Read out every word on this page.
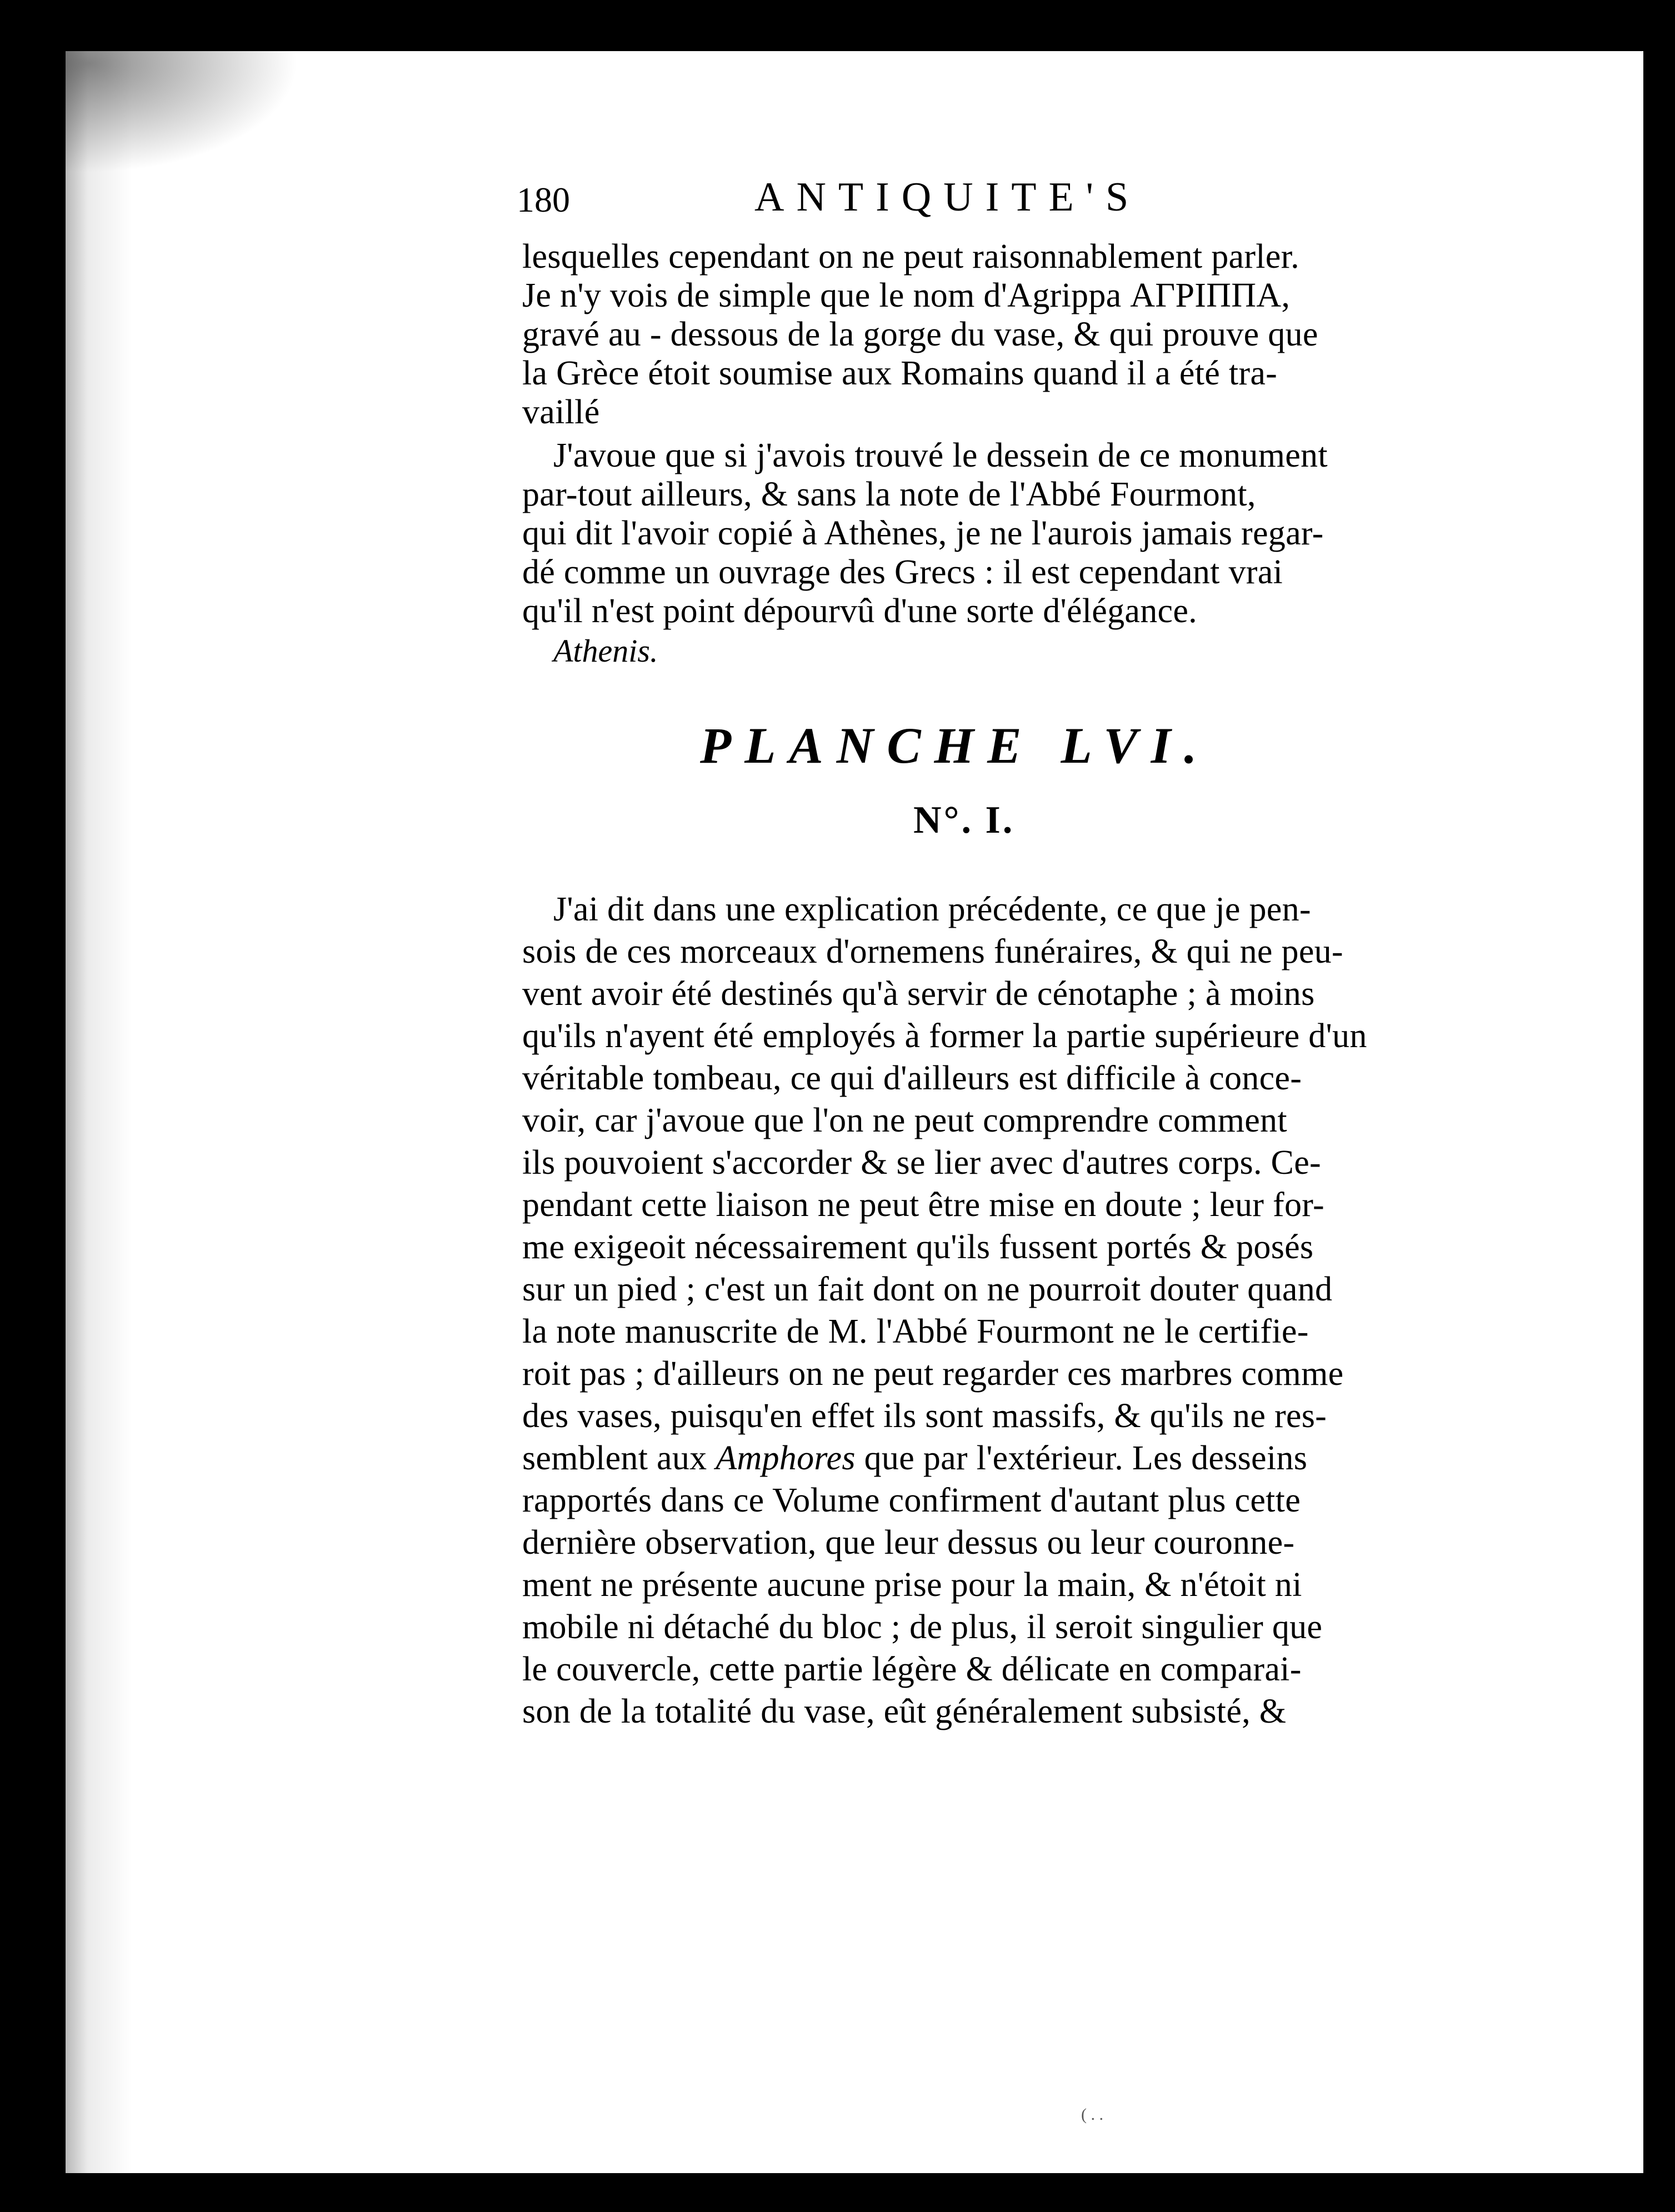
180	ANTIQUITE'S
lesquelles cependant on ne peut raisonnablement parler.
Je n'y vois de simple que le nom d'Agrippa ΑΓΡΙΠΠΑ,
gravé au - dessous de la gorge du vase, & qui prouve que
la Grèce étoit soumise aux Romains quand il a été tra-
vaillé
J'avoue que si j'avois trouvé le dessein de ce monument
par-tout ailleurs, & sans la note de l'Abbé Fourmont,
qui dit l'avoir copié à Athènes, je ne l'aurois jamais regar-
dé comme un ouvrage des Grecs : il est cependant vrai
qu'il n'est point dépourvû d'une sorte d'élégance.
Athenis.
PLANCHE LVI.
N°. I.
J'ai dit dans une explication précédente, ce que je pen-
sois de ces morceaux d'ornemens funéraires, & qui ne peu-
vent avoir été destinés qu'à servir de cénotaphe ; à moins
qu'ils n'ayent été employés à former la partie supérieure d'un
véritable tombeau, ce qui d'ailleurs est difficile à conce-
voir, car j'avoue que l'on ne peut comprendre comment
ils pouvoient s'accorder & se lier avec d'autres corps. Ce-
pendant cette liaison ne peut être mise en doute ; leur for-
me exigeoit nécessairement qu'ils fussent portés & posés
sur un pied ; c'est un fait dont on ne pourroit douter quand
la note manuscrite de M. l'Abbé Fourmont ne le certifie-
roit pas ; d'ailleurs on ne peut regarder ces marbres comme
des vases, puisqu'en effet ils sont massifs, & qu'ils ne res-
semblent aux Amphores que par l'extérieur. Les desseins
rapportés dans ce Volume confirment d'autant plus cette
dernière observation, que leur dessus ou leur couronne-
ment ne présente aucune prise pour la main, & n'étoit ni
mobile ni détaché du bloc ; de plus, il seroit singulier que
le couvercle, cette partie légère & délicate en comparai-
son de la totalité du vase, eût généralement subsisté, &
( . .
